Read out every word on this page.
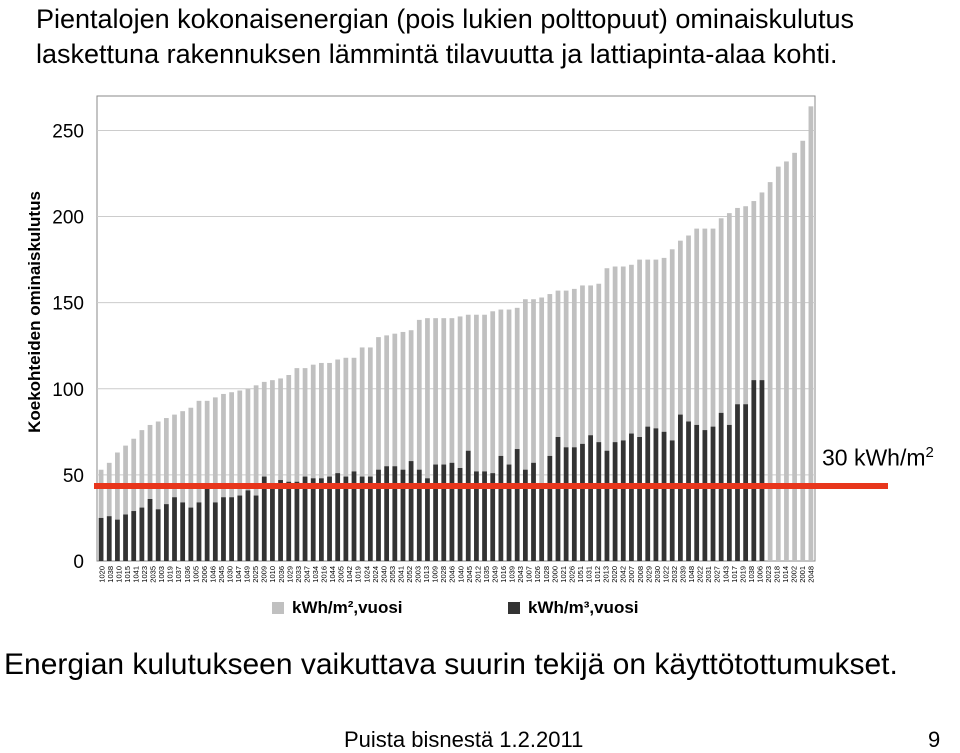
Pientalojen kokonaisenergian (pois lukien polttopuut) ominaiskulutus
laskettuna rakennuksen lämmintä tilavuutta ja lattiapinta-alaa kohti.
0
50
100
150
200
250
1020 1038 1010 1015 1041 1023 2035 1003 1019 1037 1036 1005 2006 1046 2045 1030 1047 1049 2025 2009 1010 2036 1029 2033 2047 1034 2016 1044 2005 1042 1019 1024 2024 2040 2053 2041 2052 2003 1013 1009 2028 2046 1040 2045 2012 1035 2049 1016 1039 2043 1007 1026 1028 2000 1021 2026 1051 1031 1012 2013 2020 2042 2007 2008 2029 2030 1022 2032 2039 1048 2022 2031 2027 1043 1017 2019 1038 1006 2023 2018 1014 2002 2001 2048
Koekohteiden ominaiskulutus
kWh/m²,vuosi	kWh/m³,vuosi
30 kWh/$m^2$
Energian kulutukseen vaikuttava suurin tekijä on käyttötottumukset.
Puista bisnestä 1.2.2011	9
